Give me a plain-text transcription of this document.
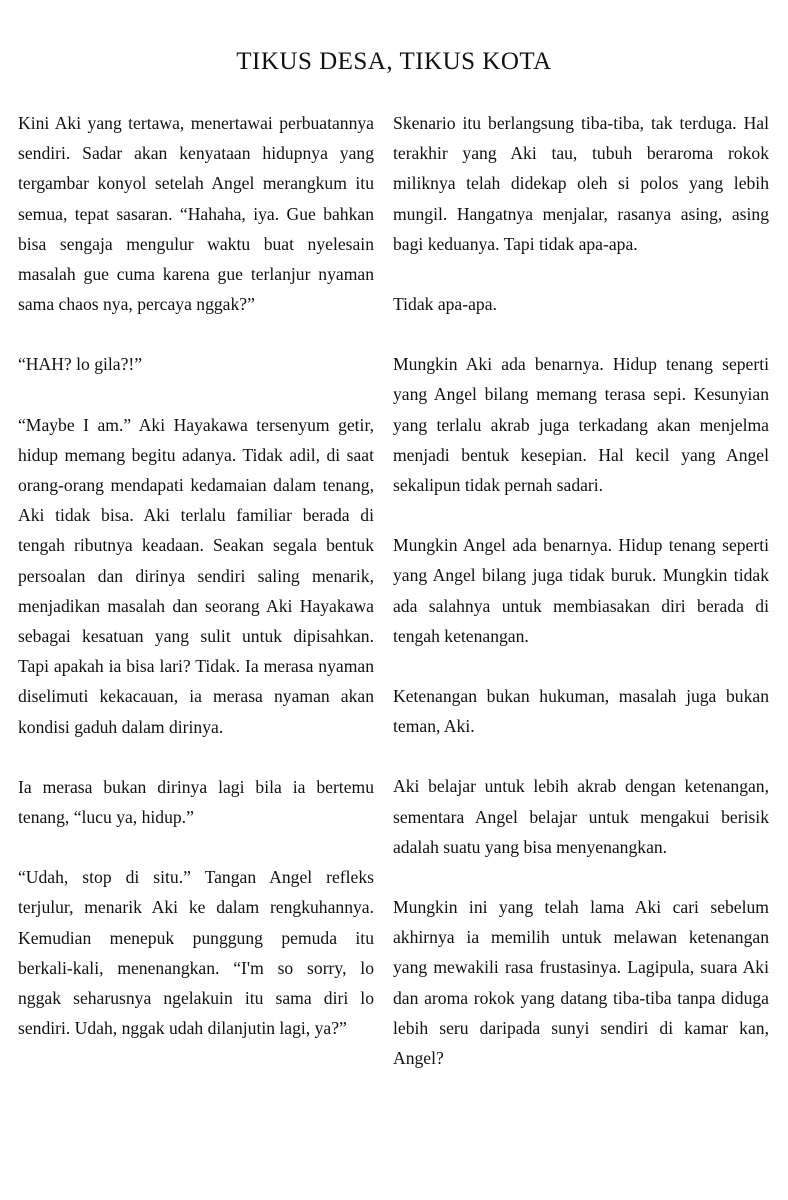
TIKUS DESA, TIKUS KOTA

Kini Aki yang tertawa, menertawai perbuatannya sendiri. Sadar akan kenyataan hidupnya yang tergambar konyol setelah Angel merangkum itu semua, tepat sasaran. “Hahaha, iya. Gue bahkan bisa sengaja mengulur waktu buat nyelesain masalah gue cuma karena gue terlanjur nyaman sama chaos nya, percaya nggak?”

“HAH? lo gila?!”

“Maybe I am.” Aki Hayakawa tersenyum getir, hidup memang begitu adanya. Tidak adil, di saat orang-orang mendapati kedamaian dalam tenang, Aki tidak bisa. Aki terlalu familiar berada di tengah ributnya keadaan. Seakan segala bentuk persoalan dan dirinya sendiri saling menarik, menjadikan masalah dan seorang Aki Hayakawa sebagai kesatuan yang sulit untuk dipisahkan. Tapi apakah ia bisa lari? Tidak. Ia merasa nyaman diselimuti kekacauan, ia merasa nyaman akan kondisi gaduh dalam dirinya.

Ia merasa bukan dirinya lagi bila ia bertemu tenang, “lucu ya, hidup.”

“Udah, stop di situ.” Tangan Angel refleks terjulur, menarik Aki ke dalam rengkuhannya. Kemudian menepuk punggung pemuda itu berkali-kali, menenangkan. “I'm so sorry, lo nggak seharusnya ngelakuin itu sama diri lo sendiri. Udah, nggak udah dilanjutin lagi, ya?”

Skenario itu berlangsung tiba-tiba, tak terduga. Hal terakhir yang Aki tau, tubuh beraroma rokok miliknya telah didekap oleh si polos yang lebih mungil. Hangatnya menjalar, rasanya asing, asing bagi keduanya. Tapi tidak apa-apa.

Tidak apa-apa.

Mungkin Aki ada benarnya. Hidup tenang seperti yang Angel bilang memang terasa sepi. Kesunyian yang terlalu akrab juga terkadang akan menjelma menjadi bentuk kesepian. Hal kecil yang Angel sekalipun tidak pernah sadari.

Mungkin Angel ada benarnya. Hidup tenang seperti yang Angel bilang juga tidak buruk. Mungkin tidak ada salahnya untuk membiasakan diri berada di tengah ketenangan.

Ketenangan bukan hukuman, masalah juga bukan teman, Aki.

Aki belajar untuk lebih akrab dengan ketenangan, sementara Angel belajar untuk mengakui berisik adalah suatu yang bisa menyenangkan.

Mungkin ini yang telah lama Aki cari sebelum akhirnya ia memilih untuk melawan ketenangan yang mewakili rasa frustasinya. Lagipula, suara Aki dan aroma rokok yang datang tiba-tiba tanpa diduga lebih seru daripada sunyi sendiri di kamar kan, Angel?
